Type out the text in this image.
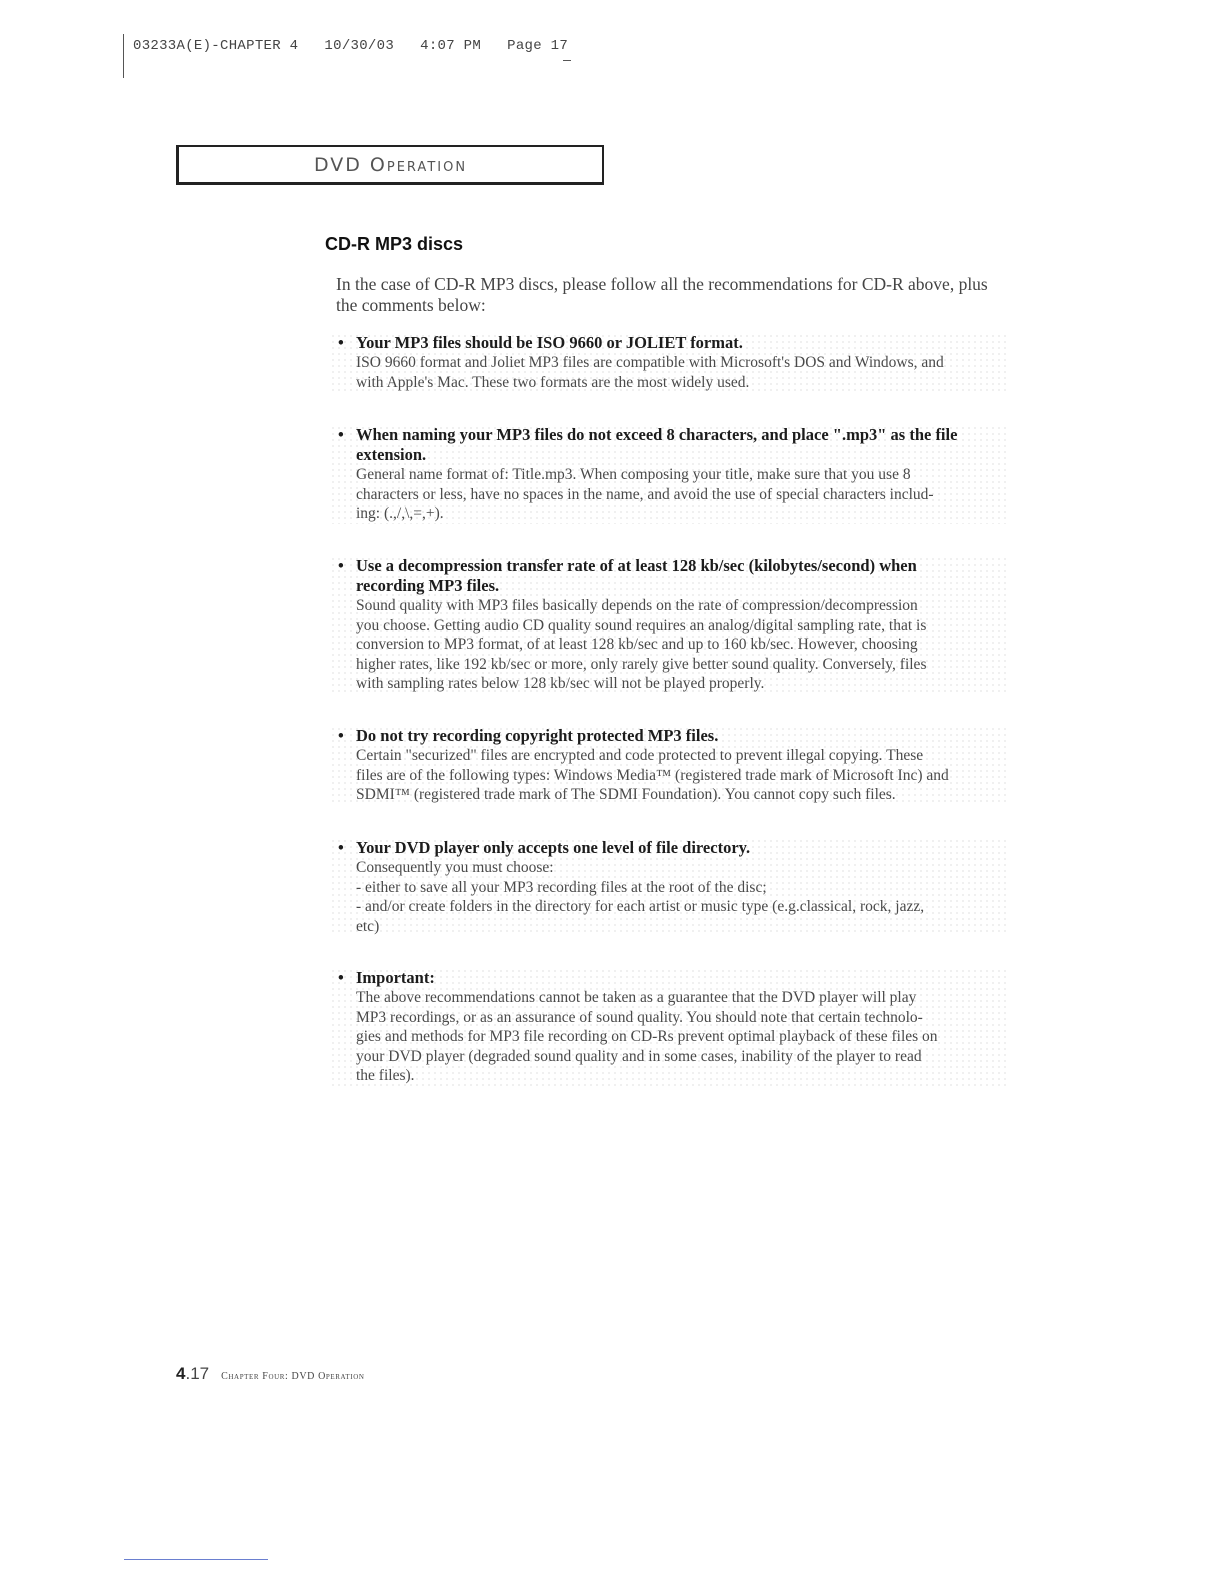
03233A(E)-CHAPTER 4   10/30/03   4:07 PM   Page 17
DVD Operation
CD-R MP3 discs
In the case of CD-R MP3 discs, please follow all the recommendations for CD-R above, plus the comments below:
• Your MP3 files should be ISO 9660 or JOLIET format.
ISO 9660 format and Joliet MP3 files are compatible with Microsoft's DOS and Windows, and
with Apple's Mac. These two formats are the most widely used.
• When naming your MP3 files do not exceed 8 characters, and place ".mp3" as the file extension.
General name format of: Title.mp3. When composing your title, make sure that you use 8
characters or less, have no spaces in the name, and avoid the use of special characters includ-
ing: (.,/,\,=,+).
• Use a decompression transfer rate of at least 128 kb/sec (kilobytes/second) when recording MP3 files.
Sound quality with MP3 files basically depends on the rate of compression/decompression
you choose. Getting audio CD quality sound requires an analog/digital sampling rate, that is
conversion to MP3 format, of at least 128 kb/sec and up to 160 kb/sec. However, choosing
higher rates, like 192 kb/sec or more, only rarely give better sound quality. Conversely, files
with sampling rates below 128 kb/sec will not be played properly.
• Do not try recording copyright protected MP3 files.
Certain "securized" files are encrypted and code protected to prevent illegal copying. These
files are of the following types: Windows Media™ (registered trade mark of Microsoft Inc) and
SDMI™ (registered trade mark of The SDMI Foundation). You cannot copy such files.
• Your DVD player only accepts one level of file directory.
Consequently you must choose:
- either to save all your MP3 recording files at the root of the disc;
- and/or create folders in the directory for each artist or music type (e.g.classical, rock, jazz,
etc)
• Important:
The above recommendations cannot be taken as a guarantee that the DVD player will play
MP3 recordings, or as an assurance of sound quality. You should note that certain technolo-
gies and methods for MP3 file recording on CD-Rs prevent optimal playback of these files on
your DVD player (degraded sound quality and in some cases, inability of the player to read
the files).
4.17 Chapter Four: DVD Operation
